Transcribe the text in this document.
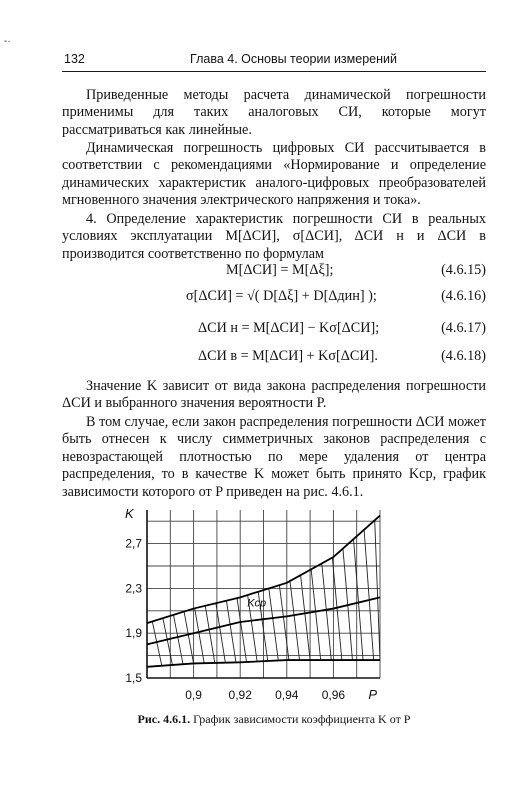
-·
132	Глава 4. Основы теории измерений

Приведенные методы расчета динамической погрешности применимы для таких аналоговых СИ, которые могут рассматриваться как линейные.

Динамическая погрешность цифровых СИ рассчитывается в соответствии с рекомендациями «Нормирование и определение динамических характеристик аналого-цифровых преобразователей мгновенного значения электрического напряжения и тока».

4. Определение характеристик погрешности СИ в реальных условиях эксплуатации M[ΔСИ], σ[ΔСИ], ΔСИ н и ΔСИ в производится соответственно по формулам

M[ΔСИ] = M[Δξ];	(4.6.15)
σ[ΔСИ] = √( D[Δξ] + D[Δдин] );	(4.6.16)
ΔСИ н = M[ΔСИ] − Kσ[ΔСИ];	(4.6.17)
ΔСИ в = M[ΔСИ] + Kσ[ΔСИ].	(4.6.18)

Значение K зависит от вида закона распределения погрешности ΔСИ и выбранного значения вероятности P.

В том случае, если закон распределения погрешности ΔСИ может быть отнесен к числу симметричных законов распределения с невозрастающей плотностью по мере удаления от центра распределения, то в качестве K может быть принято Kср, график зависимости которого от P приведен на рис. 4.6.1.

0,9 0,92 0,94 0,96
1,5
1,9
2,3
2,7
P
K
Kср
Рис. 4.6.1. График зависимости коэффициента K от P
